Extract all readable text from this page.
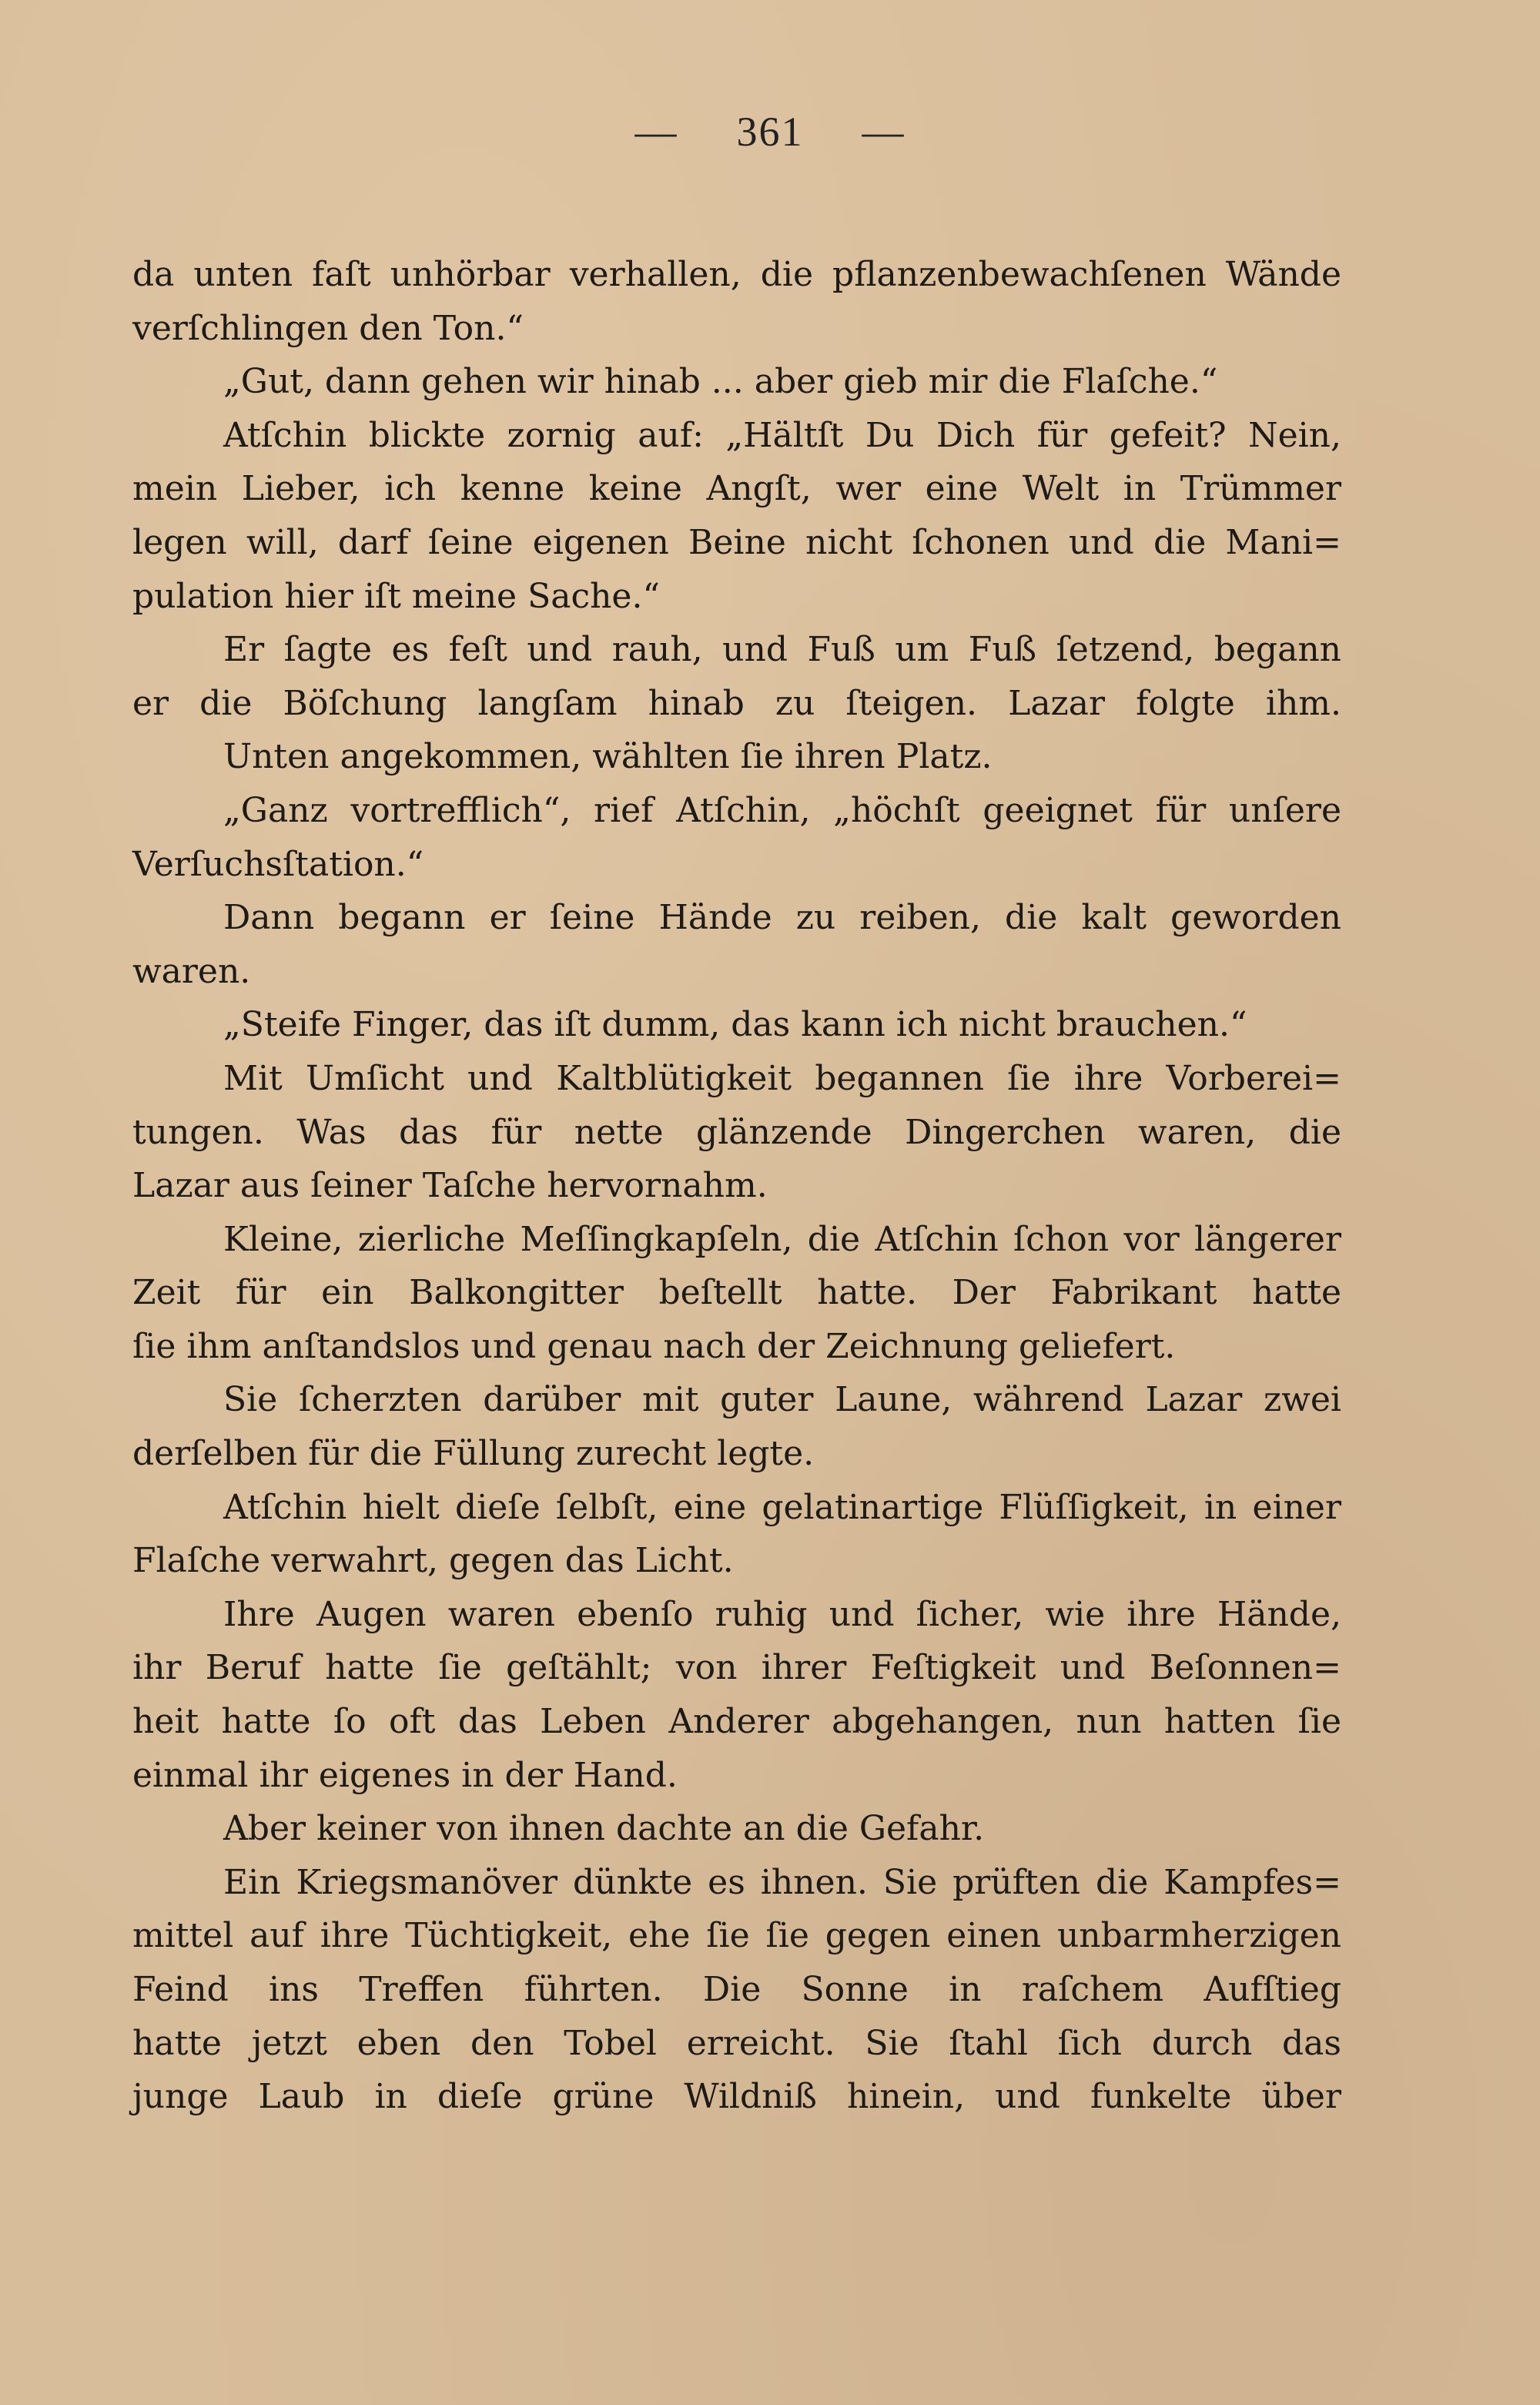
— 361 —
da unten faſt unhörbar verhallen, die pflanzenbewachſenen Wände
verſchlingen den Ton.“
„Gut, dann gehen wir hinab ... aber gieb mir die Flaſche.“
Atſchin blickte zornig auf: „Hältſt Du Dich für gefeit? Nein,
mein Lieber, ich kenne keine Angſt, wer eine Welt in Trümmer
legen will, darf ſeine eigenen Beine nicht ſchonen und die Mani=
pulation hier iſt meine Sache.“
Er ſagte es feſt und rauh, und Fuß um Fuß ſetzend, begann
er die Böſchung langſam hinab zu ſteigen. Lazar folgte ihm.
Unten angekommen, wählten ſie ihren Platz.
„Ganz vortrefflich“, rief Atſchin, „höchſt geeignet für unſere
Verſuchsſtation.“
Dann begann er ſeine Hände zu reiben, die kalt geworden
waren.
„Steife Finger, das iſt dumm, das kann ich nicht brauchen.“
Mit Umſicht und Kaltblütigkeit begannen ſie ihre Vorberei=
tungen. Was das für nette glänzende Dingerchen waren, die
Lazar aus ſeiner Taſche hervornahm.
Kleine, zierliche Meſſingkapſeln, die Atſchin ſchon vor längerer
Zeit für ein Balkongitter beſtellt hatte. Der Fabrikant hatte
ſie ihm anſtandslos und genau nach der Zeichnung geliefert.
Sie ſcherzten darüber mit guter Laune, während Lazar zwei
derſelben für die Füllung zurecht legte.
Atſchin hielt dieſe ſelbſt, eine gelatinartige Flüſſigkeit, in einer
Flaſche verwahrt, gegen das Licht.
Ihre Augen waren ebenſo ruhig und ſicher, wie ihre Hände,
ihr Beruf hatte ſie geſtählt; von ihrer Feſtigkeit und Beſonnen=
heit hatte ſo oft das Leben Anderer abgehangen, nun hatten ſie
einmal ihr eigenes in der Hand.
Aber keiner von ihnen dachte an die Gefahr.
Ein Kriegsmanöver dünkte es ihnen. Sie prüften die Kampfes=
mittel auf ihre Tüchtigkeit, ehe ſie ſie gegen einen unbarmherzigen
Feind ins Treffen führten. Die Sonne in raſchem Aufſtieg
hatte jetzt eben den Tobel erreicht. Sie ſtahl ſich durch das
junge Laub in dieſe grüne Wildniß hinein, und funkelte über
